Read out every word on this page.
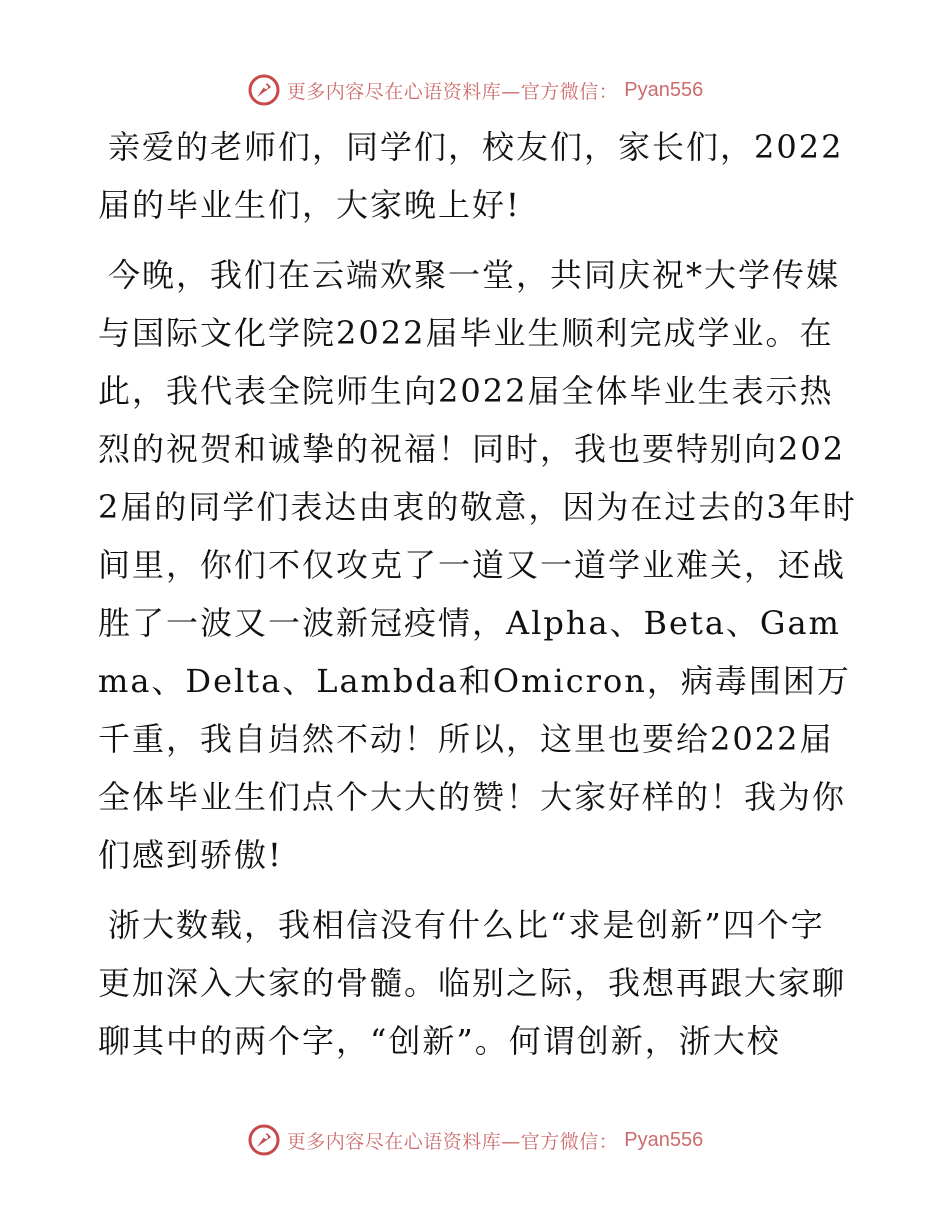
更多内容尽在心语资料库—官方微信： Pyan556

亲爱的老师们，同学们，校友们，家长们，2022届的毕业生们，大家晚上好!

今晚，我们在云端欢聚一堂，共同庆祝*大学传媒与国际文化学院2022届毕业生顺利完成学业。在此，我代表全院师生向2022届全体毕业生表示热烈的祝贺和诚挚的祝福！同时，我也要特别向2022届的同学们表达由衷的敬意，因为在过去的3年时间里，你们不仅攻克了一道又一道学业难关，还战胜了一波又一波新冠疫情，Alpha、Beta、Gamma、Delta、Lambda和Omicron，病毒围困万千重，我自岿然不动！所以，这里也要给2022届全体毕业生们点个大大的赞！大家好样的！我为你们感到骄傲!

浙大数载，我相信没有什么比“求是创新”四个字更加深入大家的骨髓。临别之际，我想再跟大家聊聊其中的两个字，“创新”。何谓创新，浙大校

更多内容尽在心语资料库—官方微信： Pyan556
